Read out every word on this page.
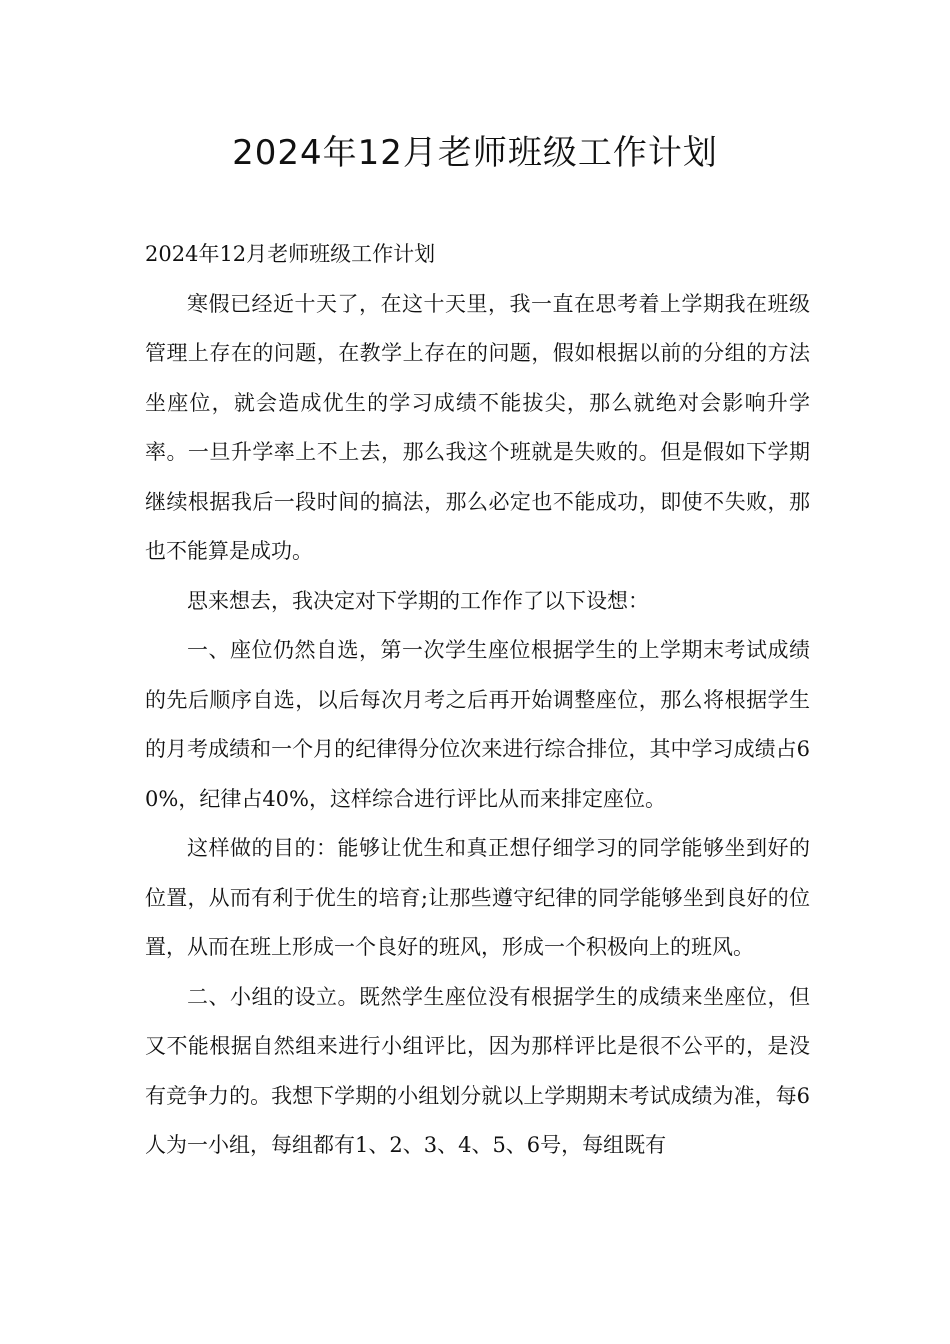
2024年12月老师班级工作计划

2024年12月老师班级工作计划

寒假已经近十天了，在这十天里，我一直在思考着上学期我在班级管理上存在的问题，在教学上存在的问题，假如根据以前的分组的方法坐座位，就会造成优生的学习成绩不能拔尖，那么就绝对会影响升学率。一旦升学率上不上去，那么我这个班就是失败的。但是假如下学期继续根据我后一段时间的搞法，那么必定也不能成功，即使不失败，那也不能算是成功。

思来想去，我决定对下学期的工作作了以下设想：

一、座位仍然自选，第一次学生座位根据学生的上学期末考试成绩的先后顺序自选，以后每次月考之后再开始调整座位，那么将根据学生的月考成绩和一个月的纪律得分位次来进行综合排位，其中学习成绩占60%，纪律占40%，这样综合进行评比从而来排定座位。

这样做的目的：能够让优生和真正想仔细学习的同学能够坐到好的位置，从而有利于优生的培育;让那些遵守纪律的同学能够坐到良好的位置，从而在班上形成一个良好的班风，形成一个积极向上的班风。

二、小组的设立。既然学生座位没有根据学生的成绩来坐座位，但又不能根据自然组来进行小组评比，因为那样评比是很不公平的，是没有竞争力的。我想下学期的小组划分就以上学期期末考试成绩为准，每6人为一小组，每组都有1、2、3、4、5、6号，每组既有
